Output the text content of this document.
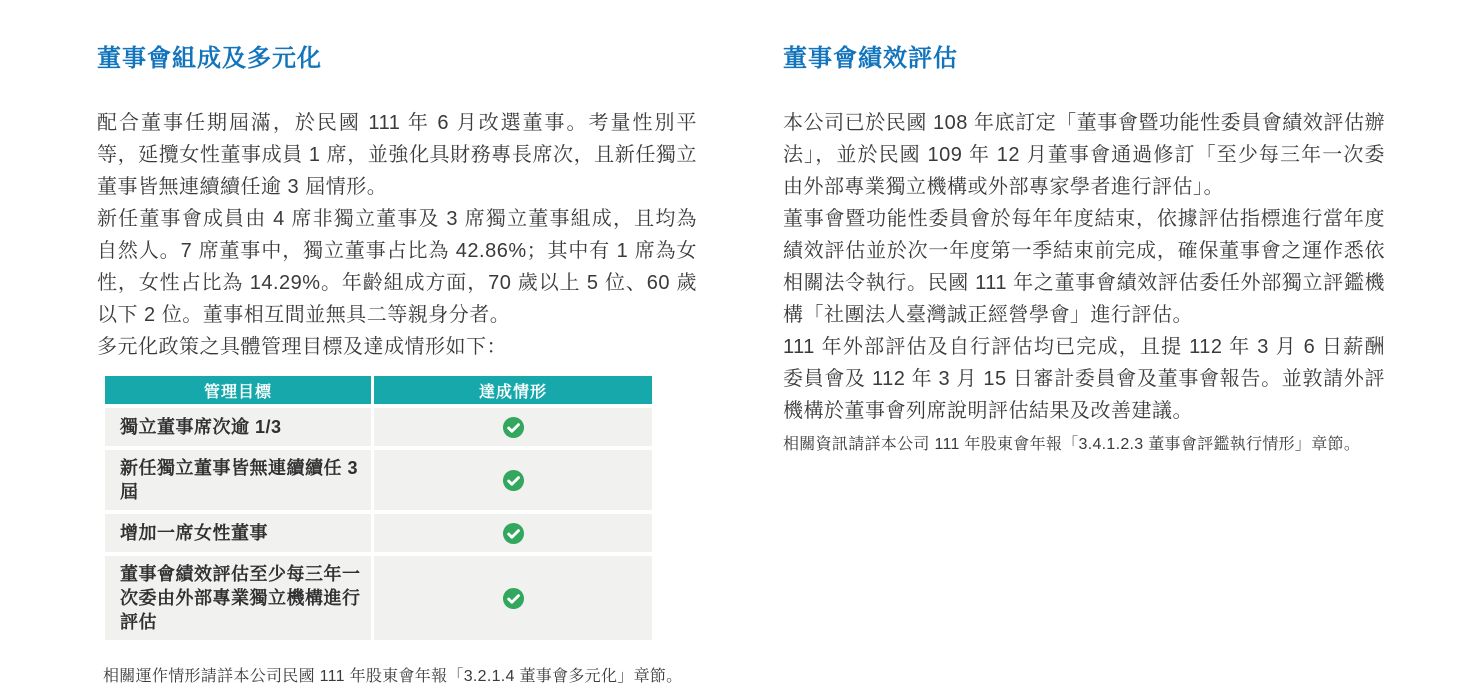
董事會組成及多元化

配合董事任期屆滿，於民國 111 年 6 月改選董事。考量性別平等，延攬女性董事成員 1 席，並強化具財務專長席次，且新任獨立董事皆無連續續任逾 3 屆情形。

新任董事會成員由 4 席非獨立董事及 3 席獨立董事組成，且均為自然人。7 席董事中，獨立董事占比為 42.86%；其中有 1 席為女性，女性占比為 14.29%。年齡組成方面，70 歲以上 5 位、60 歲以下 2 位。董事相互間並無具二等親身分者。

多元化政策之具體管理目標及達成情形如下：

管理目標	達成情形
獨立董事席次逾 1/3
新任獨立董事皆無連續續任 3 屆
增加一席女性董事
董事會績效評估至少每三年一次委由外部專業獨立機構進行評估

相關運作情形請詳本公司民國 111 年股東會年報「3.2.1.4 董事會多元化」章節。

董事會績效評估

本公司已於民國 108 年底訂定「董事會暨功能性委員會績效評估辦法」，並於民國 109 年 12 月董事會通過修訂「至少每三年一次委由外部專業獨立機構或外部專家學者進行評估」。

董事會暨功能性委員會於每年年度結束，依據評估指標進行當年度績效評估並於次一年度第一季結束前完成，確保董事會之運作悉依相關法令執行。民國 111 年之董事會績效評估委任外部獨立評鑑機構「社團法人臺灣誠正經營學會」進行評估。

111 年外部評估及自行評估均已完成，且提 112 年 3 月 6 日薪酬委員會及 112 年 3 月 15 日審計委員會及董事會報告。並敦請外評機構於董事會列席說明評估結果及改善建議。

相關資訊請詳本公司 111 年股東會年報「3.4.1.2.3 董事會評鑑執行情形」章節。
